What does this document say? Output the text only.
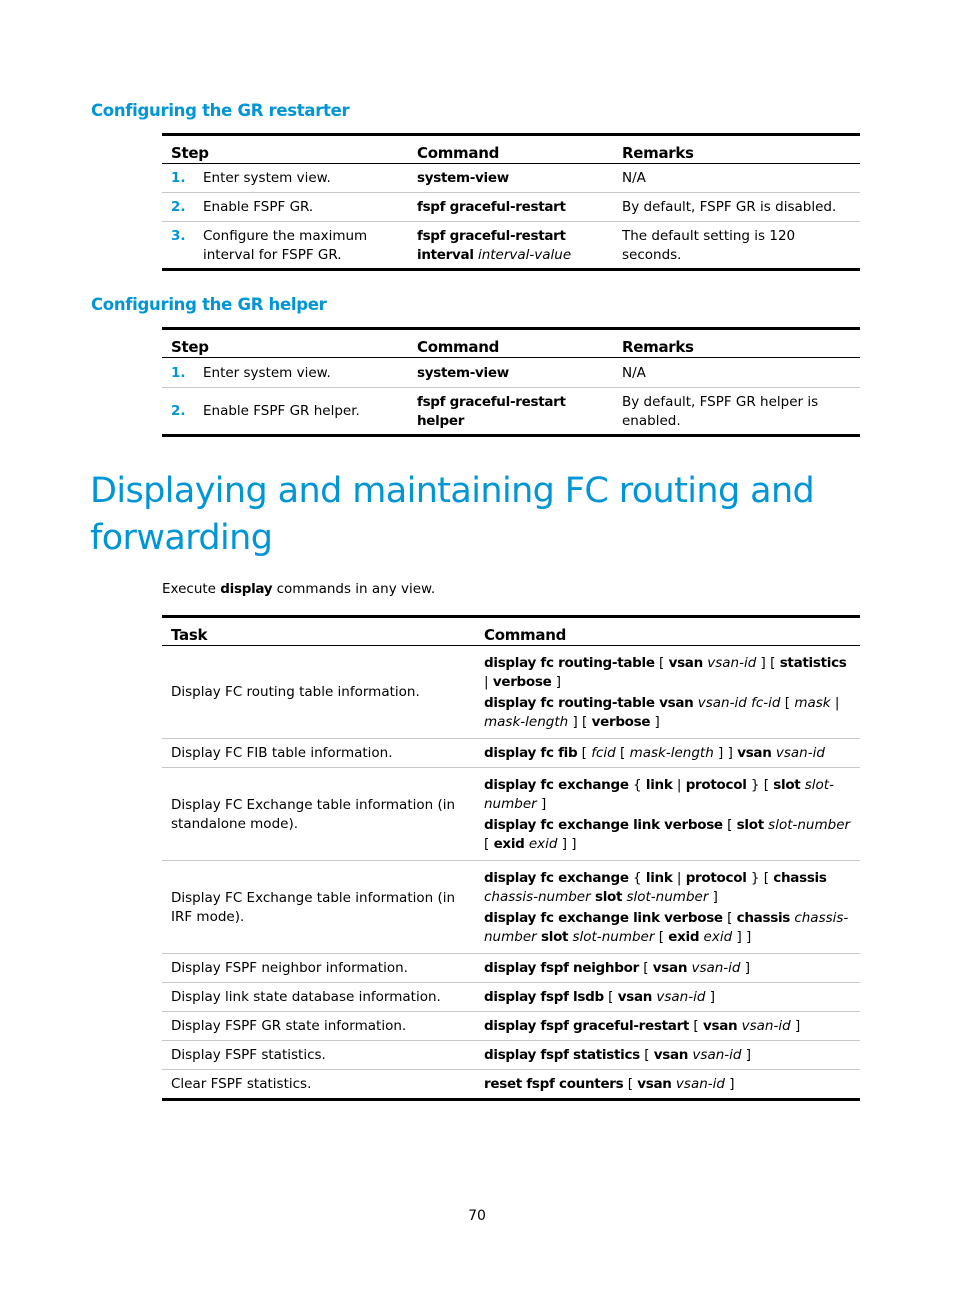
Configuring the GR restarter
Step	Command	Remarks

1. Enter system view.	system-view	N/A

2. Enable FSPF GR.	fspf graceful-restart	By default, FSPF GR is disabled.

3. Configure the maximum interval for FSPF GR.	fspf graceful-restart interval interval-value	The default setting is 120 seconds.
Configuring the GR helper
Step	Command	Remarks

1. Enter system view.	system-view	N/A

2. Enable FSPF GR helper.	fspf graceful-restart helper	By default, FSPF GR helper is enabled.
Displaying and maintaining FC routing and forwarding

Execute display commands in any view.

Task	Command
Display FC routing table information.	display fc routing-table [ vsan vsan-id ] [ statistics | verbose ]
display fc routing-table vsan vsan-id fc-id [ mask | mask-length ] [ verbose ]

Display FC FIB table information.	display fc fib [ fcid [ mask-length ] ] vsan vsan-id

Display FC Exchange table information (in standalone mode).	display fc exchange { link | protocol } [ slot slot-number ]
display fc exchange link verbose [ slot slot-number [ exid exid ] ]

Display FC Exchange table information (in IRF mode).	display fc exchange { link | protocol } [ chassis chassis-number slot slot-number ]
display fc exchange link verbose [ chassis chassis-number slot slot-number [ exid exid ] ]

Display FSPF neighbor information.	display fspf neighbor [ vsan vsan-id ]

Display link state database information.	display fspf lsdb [ vsan vsan-id ]

Display FSPF GR state information.	display fspf graceful-restart [ vsan vsan-id ]

Display FSPF statistics.	display fspf statistics [ vsan vsan-id ]

Clear FSPF statistics.	reset fspf counters [ vsan vsan-id ]

70
